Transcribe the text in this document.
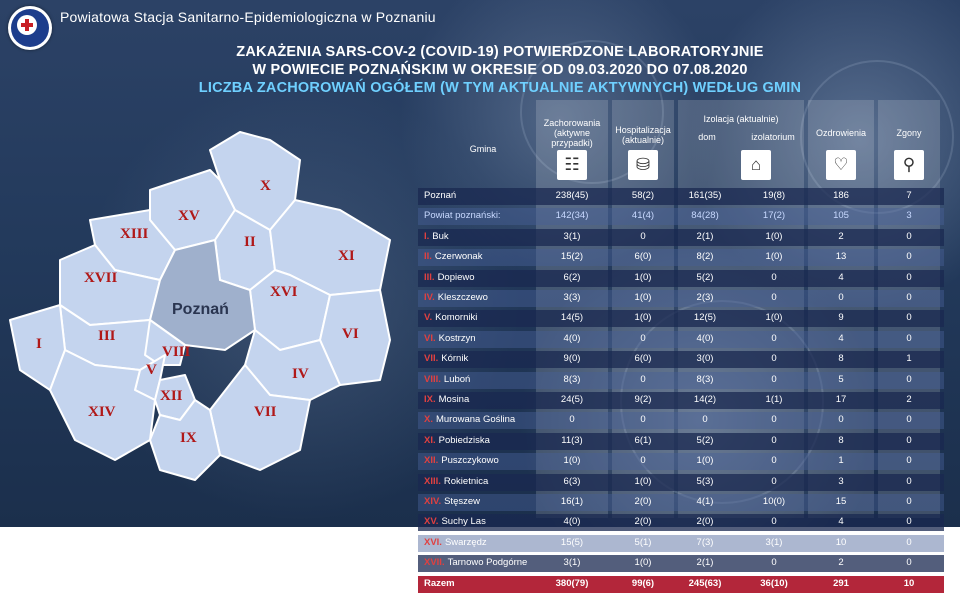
Powiatowa Stacja Sanitarno-Epidemiologiczna w Poznaniu
ZAKAŻENIA SARS-COV-2 (COVID-19) POTWIERDZONE LABORATORYJNIE
W POWIECIE POZNAŃSKIM W OKRESIE OD 09.03.2020 DO 07.08.2020
LICZBA ZACHOROWAŃ OGÓŁEM (W TYM AKTUALNIE AKTYWNYCH) WEDŁUG GMIN
X
XV
XIII	II
XI
XVII
XVI
Poznań
VI
III
I	VIII
V	IV
XII
XIV	VII
IX
Gmina
Zachorowania
(aktywne
przypadki)
Hospitalizacja
(aktualnie)
Izolacja (aktualnie)
dom	izolatorium	Ozdrowienia	Zgony
☷	⛁	⌂	♡	⚲
Poznań	238(45)	58(2)	161(35)	19(8)	186	7
Powiat poznański:	142(34)	41(4)	84(28)	17(2)	105	3
I. Buk	3(1)	0	2(1)	1(0)	2	0
II. Czerwonak	15(2)	6(0)	8(2)	1(0)	13	0
III. Dopiewo	6(2)	1(0)	5(2)	0	4	0
IV. Kleszczewo	3(3)	1(0)	2(3)	0	0	0
V. Komorniki	14(5)	1(0)	12(5)	1(0)	9	0
VI. Kostrzyn	4(0)	0	4(0)	0	4	0
VII. Kórnik	9(0)	6(0)	3(0)	0	8	1
VIII. Luboń	8(3)	0	8(3)	0	5	0
IX. Mosina	24(5)	9(2)	14(2)	1(1)	17	2
X. Murowana Goślina	0	0	0	0	0	0
XI. Pobiedziska	11(3)	6(1)	5(2)	0	8	0
XII. Puszczykowo	1(0)	0	1(0)	0	1	0
XIII. Rokietnica	6(3)	1(0)	5(3)	0	3	0
XIV. Stęszew	16(1)	2(0)	4(1)	10(0)	15	0
XV. Suchy Las	4(0)	2(0)	2(0)	0	4	0
XVI. Swarzędz	15(5)	5(1)	7(3)	3(1)	10	0
XVII. Tarnowo Podgórne	3(1)	1(0)	2(1)	0	2	0
Razem	380(79)	99(6)	245(63)	36(10)	291	10
